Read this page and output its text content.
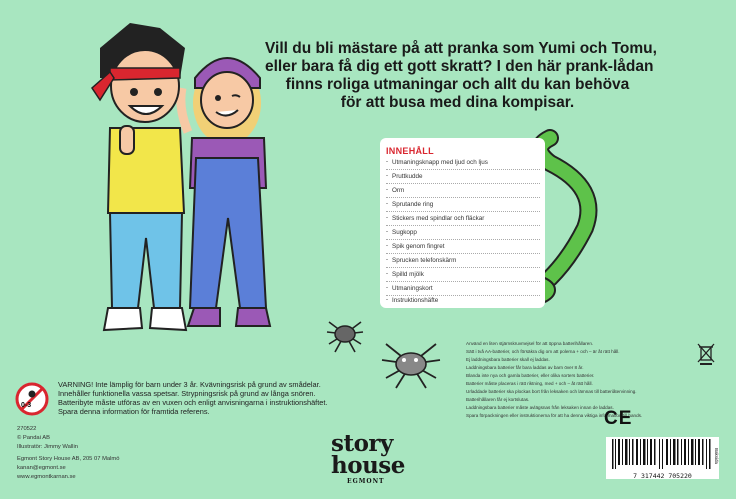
Vill du bli mästare på att pranka som Yumi och Tomu,
eller bara få dig ett gott skratt? I den här prank-lådan
finns roliga utmaningar och allt du kan behöva
för att busa med dina kompisar.
INNEHÅLL
- Utmaningsknapp med ljud och ljus
- Pruttkudde
- Orm
- Sprutande ring
- Stickers med spindlar och fläckar
- Sugkopp
- Spik genom fingret
- Sprucken telefonskärm
- Spilld mjölk
- Utmaningskort
- Instruktionshäfte
0-3
VARNING! Inte lämplig för barn under 3 år. Kvävningsrisk på grund av smådelar.
Innehåller funktionella vassa spetsar. Strypningsrisk på grund av långa snören.
Batteribyte måste utföras av en vuxen och enligt anvisningarna i instruktionshäftet.
Spara denna information för framtida referens.
270522
© Pandai AB
Illustratör: Jimmy Wallin
Egmont Story House AB, 205 07 Malmö
kanan@egmont.se
www.egmontkarnan.se
story
house
EGMONT
Använd en liten stjärnskruvmejsel för att öppna batterihållaren.
Sätt i två AA-batterier, och försäkra dig om att polerna + och – är åt rätt håll.
Ej laddningsbara batterier skall ej laddas.
Laddningsbara batterier får bara laddas av barn över 8 år.
Blanda inte nya och gamla batterier, eller olika sorters batterier.
Batterier måste placeras i rätt riktning, med + och – åt rätt håll.
Urladdade batterier ska plockas bort från leksaken och lämnas till batteriåtervinning.
Batterihållaren får ej kortslutas.
Laddningsbara batterier måste avlägsnas från leksaken innan de laddas.
Spara förpackningen eller instruktionerna för att ha denna viktiga information till hands.
CE
7 317442 705220
Baksida
